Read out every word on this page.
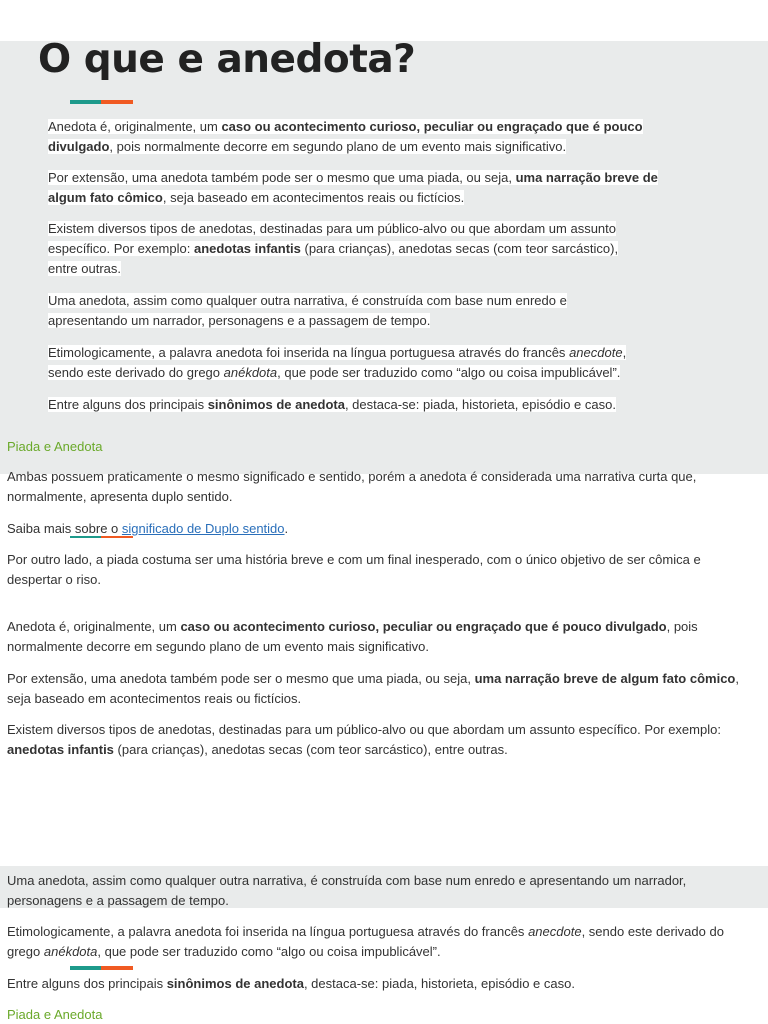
O que e anedota?
Anedota é, originalmente, um caso ou acontecimento curioso, peculiar ou engraçado que é pouco divulgado, pois normalmente decorre em segundo plano de um evento mais significativo.
Por extensão, uma anedota também pode ser o mesmo que uma piada, ou seja, uma narração breve de algum fato cômico, seja baseado em acontecimentos reais ou fictícios.
Existem diversos tipos de anedotas, destinadas para um público-alvo ou que abordam um assunto específico. Por exemplo: anedotas infantis (para crianças), anedotas secas (com teor sarcástico), entre outras.
Uma anedota, assim como qualquer outra narrativa, é construída com base num enredo e apresentando um narrador, personagens e a passagem de tempo.
Etimologicamente, a palavra anedota foi inserida na língua portuguesa através do francês anecdote, sendo este derivado do grego anékdota, que pode ser traduzido como “algo ou coisa impublicável”.
Entre alguns dos principais sinônimos de anedota, destaca-se: piada, historieta, episódio e caso.
Piada e Anedota
Ambas possuem praticamente o mesmo significado e sentido, porém a anedota é considerada uma narrativa curta que, normalmente, apresenta duplo sentido.
Saiba mais sobre o significado de Duplo sentido.
Por outro lado, a piada costuma ser uma história breve e com um final inesperado, com o único objetivo de ser cômica e despertar o riso.
Anedota é, originalmente, um caso ou acontecimento curioso, peculiar ou engraçado que é pouco divulgado, pois normalmente decorre em segundo plano de um evento mais significativo.
Por extensão, uma anedota também pode ser o mesmo que uma piada, ou seja, uma narração breve de algum fato cômico, seja baseado em acontecimentos reais ou fictícios.
Existem diversos tipos de anedotas, destinadas para um público-alvo ou que abordam um assunto específico. Por exemplo: anedotas infantis (para crianças), anedotas secas (com teor sarcástico), entre outras.
Uma anedota, assim como qualquer outra narrativa, é construída com base num enredo e apresentando um narrador, personagens e a passagem de tempo.
Etimologicamente, a palavra anedota foi inserida na língua portuguesa através do francês anecdote, sendo este derivado do grego anékdota, que pode ser traduzido como “algo ou coisa impublicável”.
Entre alguns dos principais sinônimos de anedota, destaca-se: piada, historieta, episódio e caso.
Piada e Anedota
